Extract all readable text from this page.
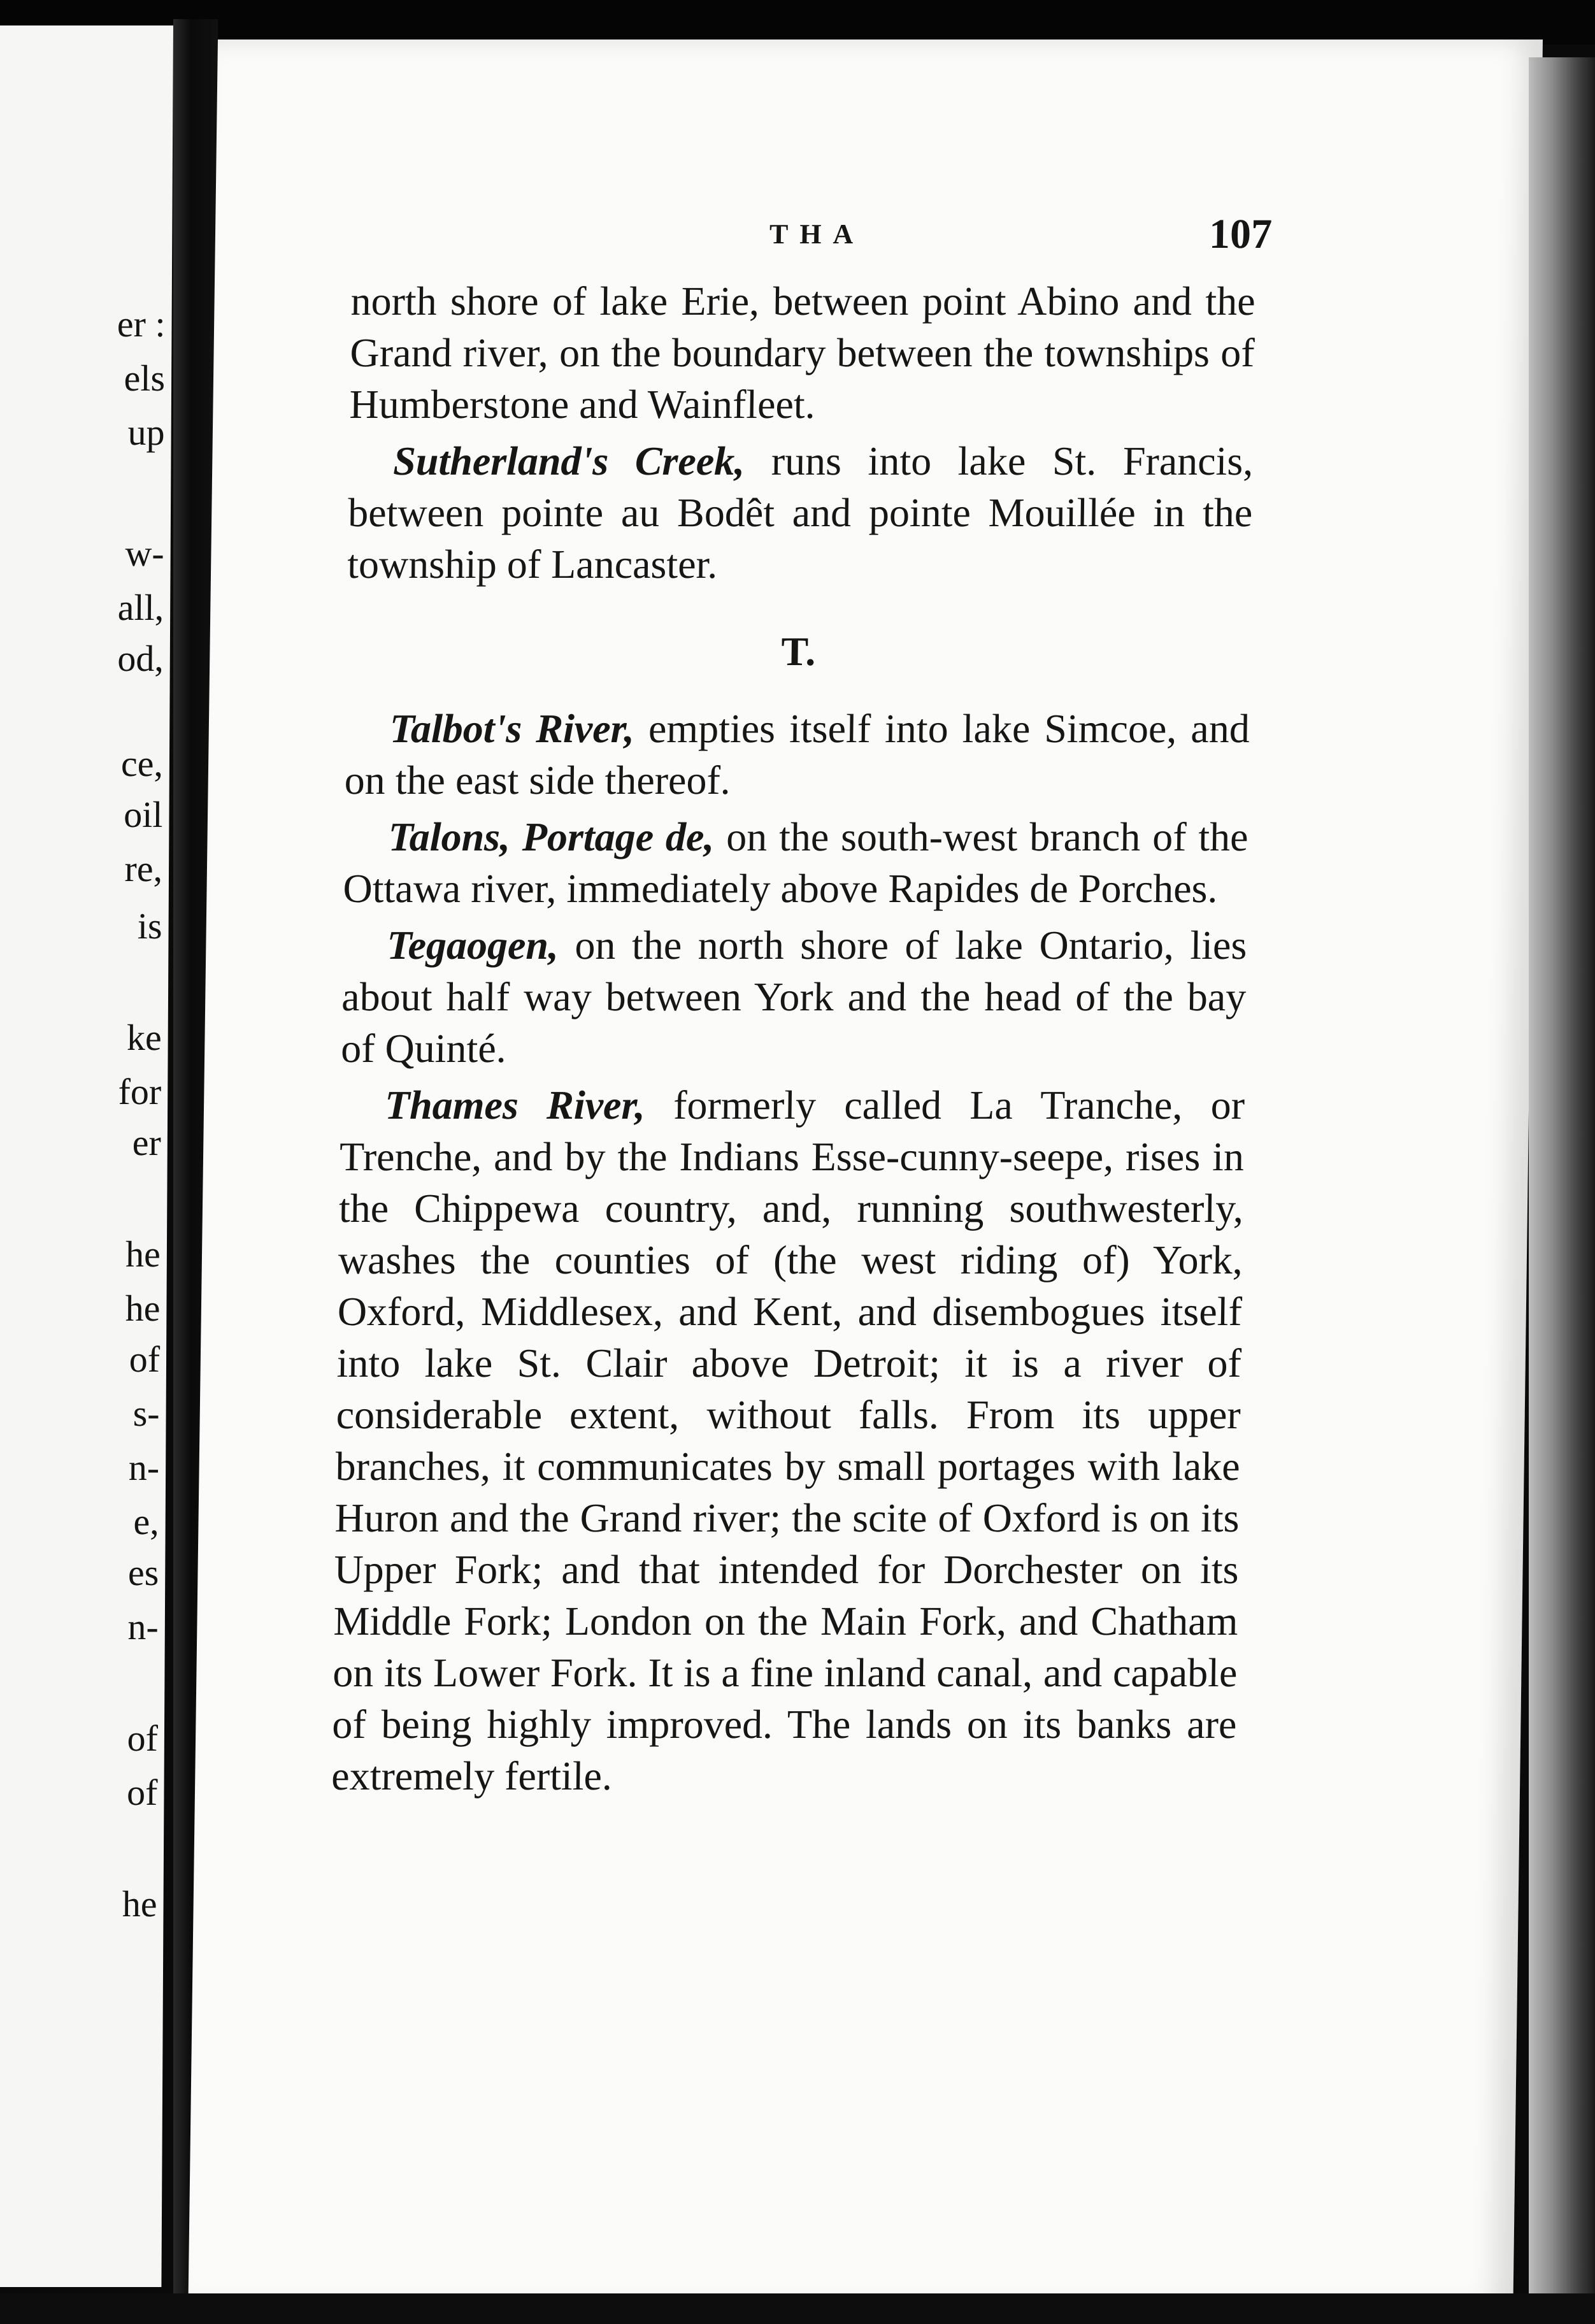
er :
els
up
w-
all,
od,
ce,
oil
re,
is
ke
for
er
he
he
of
s-
n-
e,
es
n-
of
of
he
THA	107

north shore of lake Erie, between point Abino and the Grand river, on the boundary between the townships of Humberstone and Wainfleet.

Sutherland's Creek, runs into lake St. Francis, between pointe au Bodêt and pointe Mouillée in the township of Lancaster.

T.

Talbot's River, empties itself into lake Simcoe, and on the east side thereof.

Talons, Portage de, on the south-west branch of the Ottawa river, immediately above Rapides de Porches.

Tegaogen, on the north shore of lake Ontario, lies about half way between York and the head of the bay of Quinté.

Thames River, formerly called La Tranche, or Trenche, and by the Indians Esse-cunny-seepe, rises in the Chippewa country, and, running southwesterly, washes the counties of (the west riding of) York, Oxford, Middlesex, and Kent, and disembogues itself into lake St. Clair above Detroit; it is a river of considerable extent, without falls. From its upper branches, it communicates by small portages with lake Huron and the Grand river; the scite of Oxford is on its Upper Fork; and that intended for Dorchester on its Middle Fork; London on the Main Fork, and Chatham on its Lower Fork. It is a fine inland canal, and capable of being highly improved. The lands on its banks are extremely fertile.
